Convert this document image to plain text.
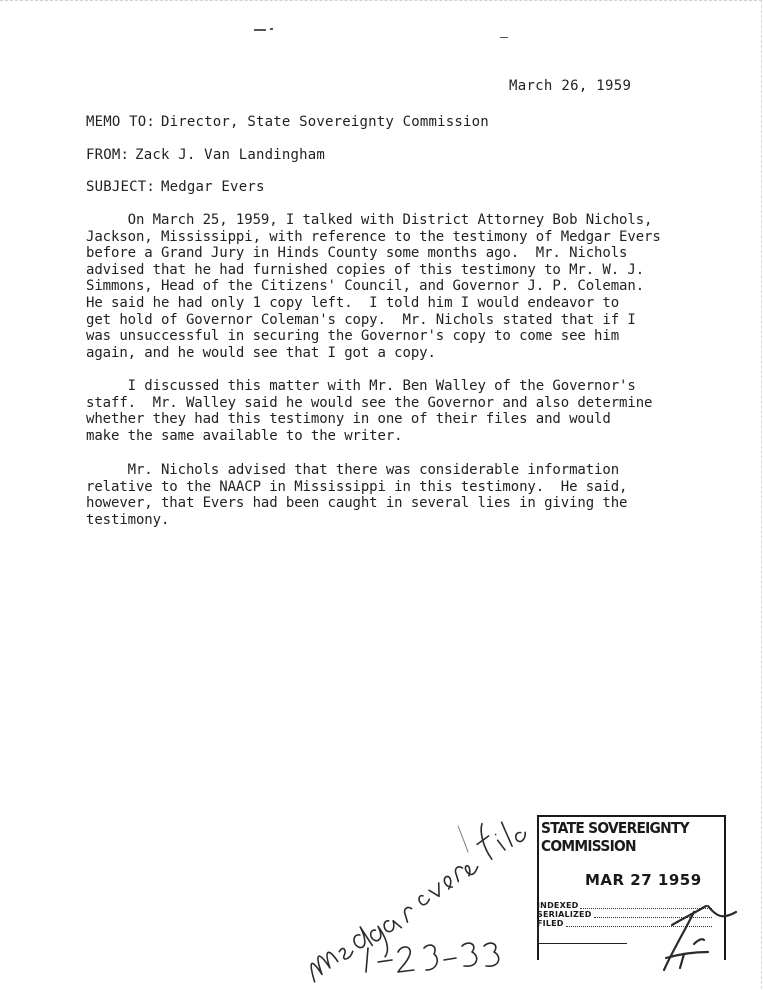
March 26, 1959
MEMO TO: Director, State Sovereignty Commission
FROM: Zack J. Van Landingham
SUBJECT: Medgar Evers
On March 25, 1959, I talked with District Attorney Bob Nichols,
Jackson, Mississippi, with reference to the testimony of Medgar Evers
before a Grand Jury in Hinds County some months ago.  Mr. Nichols
advised that he had furnished copies of this testimony to Mr. W. J.
Simmons, Head of the Citizens' Council, and Governor J. P. Coleman.
He said he had only 1 copy left.  I told him I would endeavor to
get hold of Governor Coleman's copy.  Mr. Nichols stated that if I
was unsuccessful in securing the Governor's copy to come see him
again, and he would see that I got a copy.
I discussed this matter with Mr. Ben Walley of the Governor's
staff.  Mr. Walley said he would see the Governor and also determine
whether they had this testimony in one of their files and would
make the same available to the writer.
Mr. Nichols advised that there was considerable information
relative to the NAACP in Mississippi in this testimony.  He said,
however, that Evers had been caught in several lies in giving the
testimony.
STATE SOVEREIGNTY COMMISSION
MAR 27 1959
INDEXED
SERIALIZED
FILED
